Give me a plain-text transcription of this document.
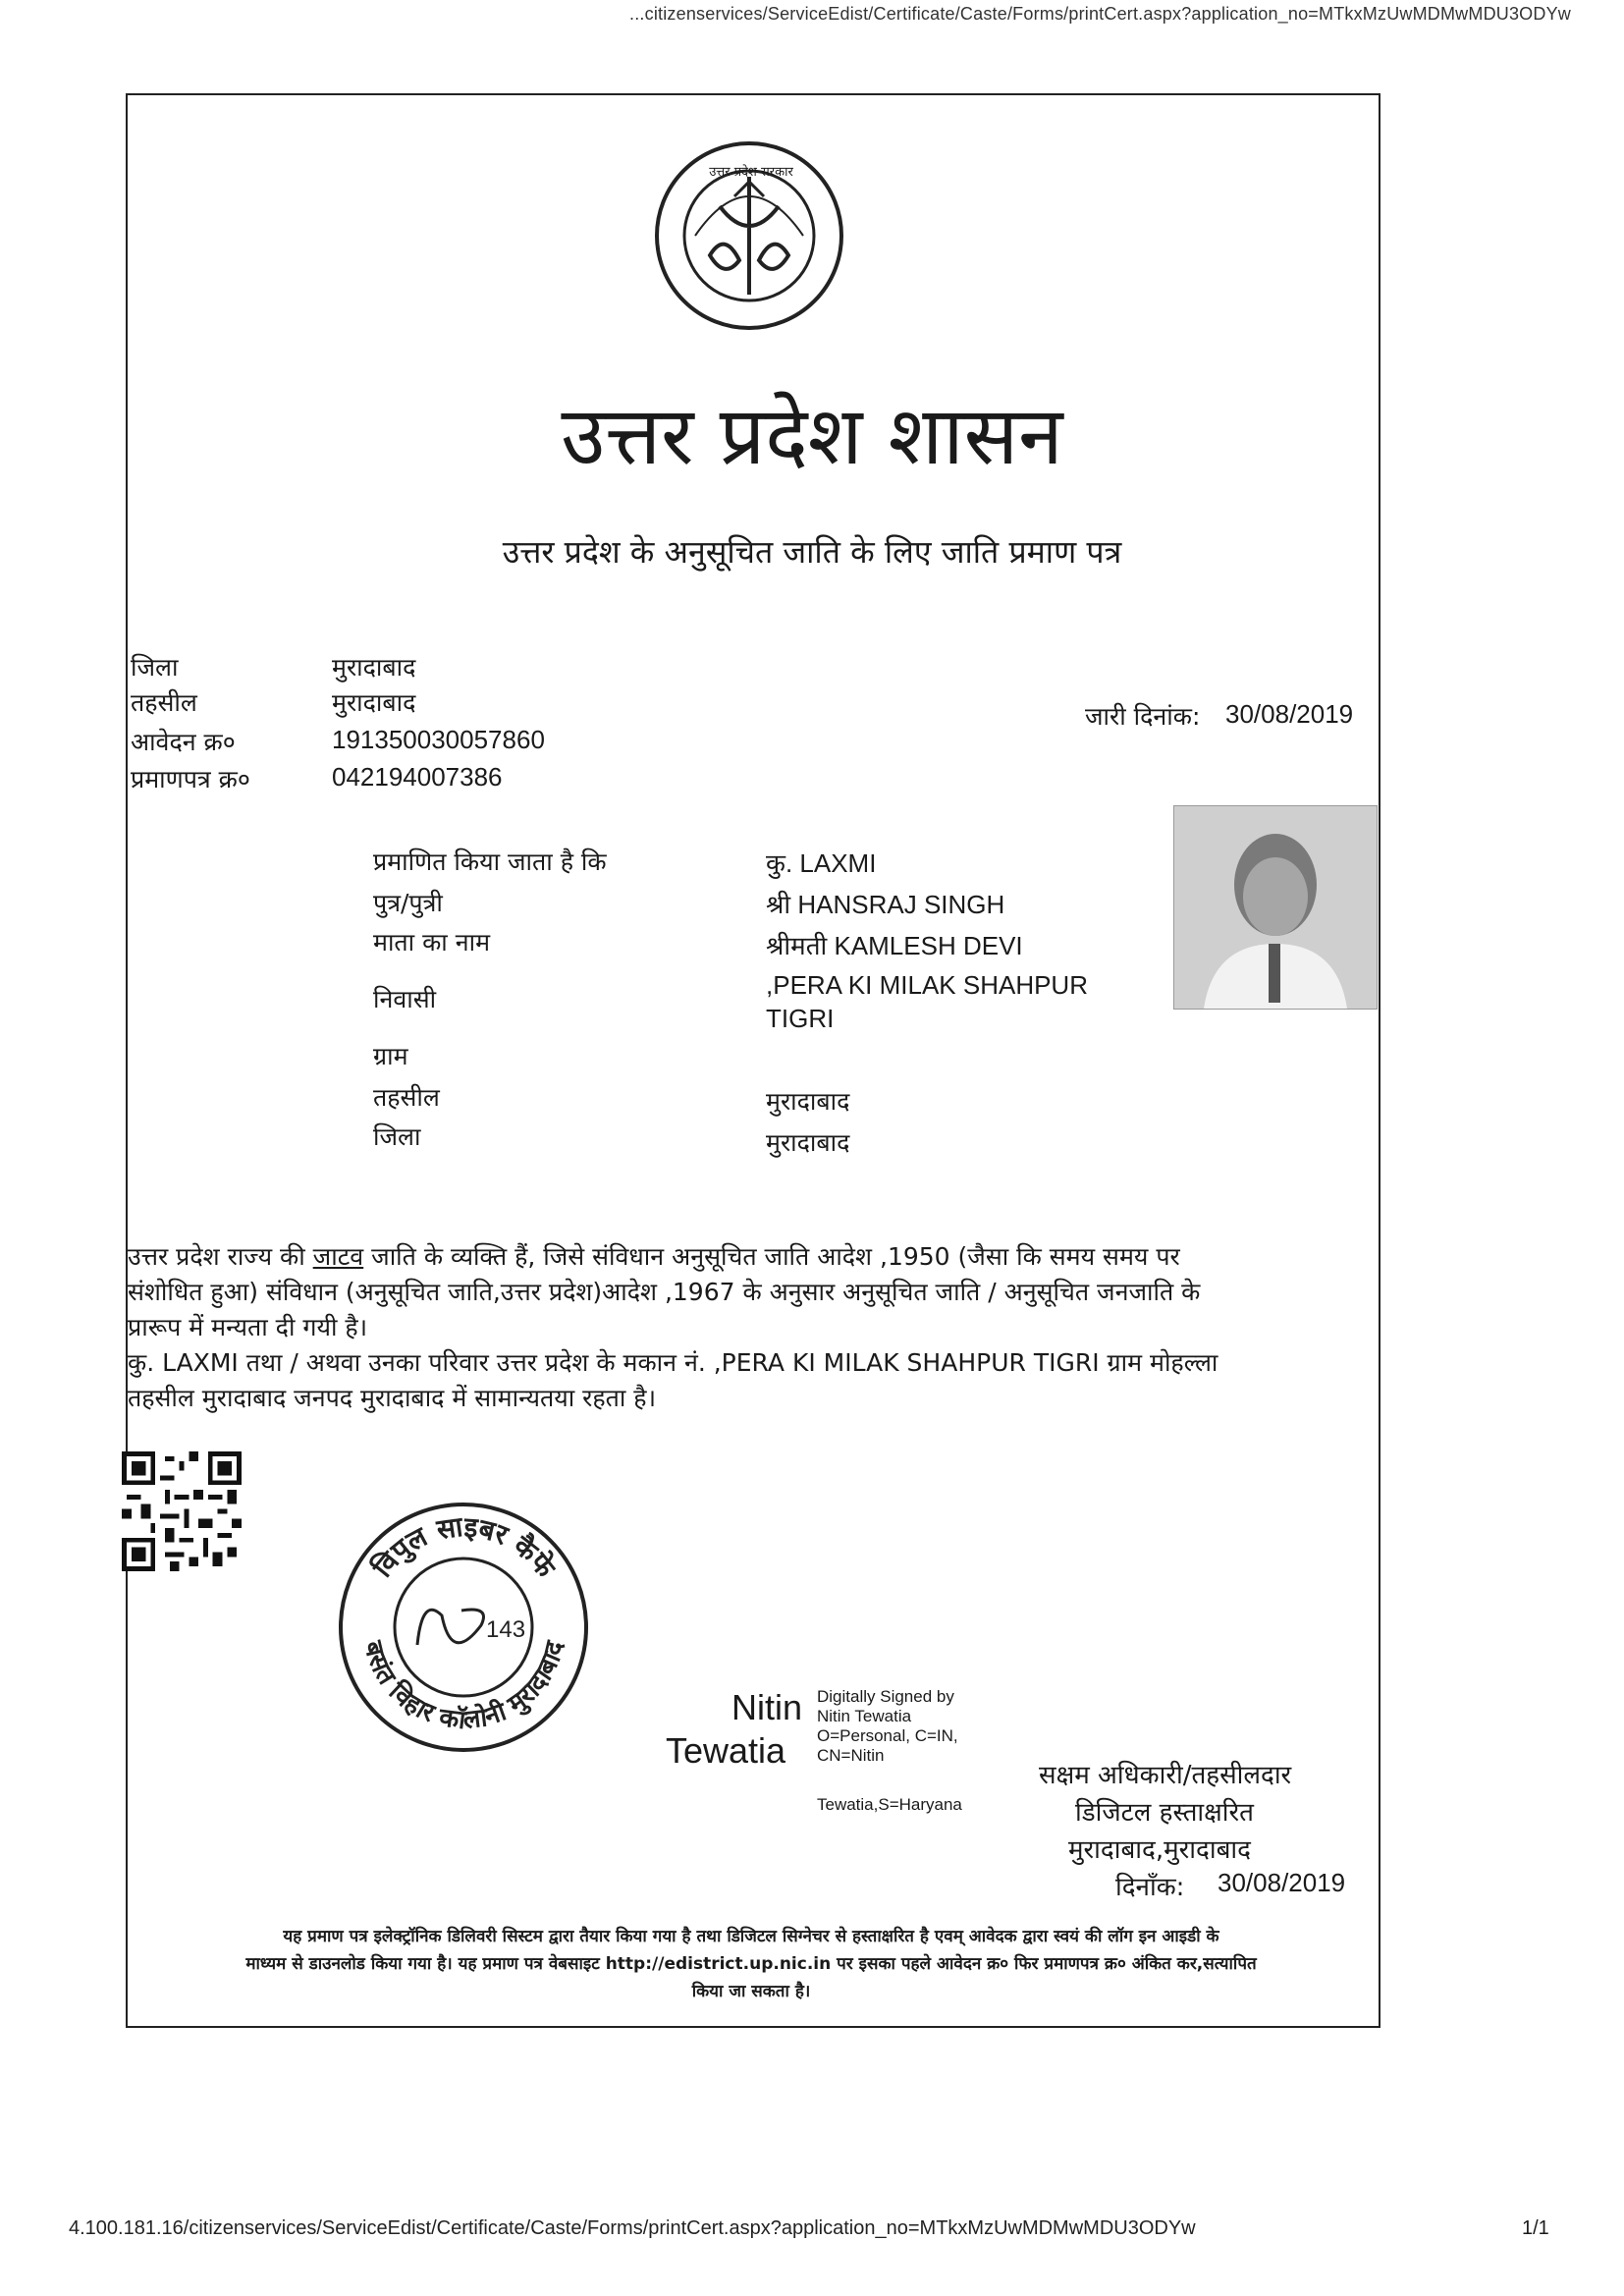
...citizenservices/ServiceEdist/Certificate/Caste/Forms/printCert.aspx?application_no=MTkxMzUwMDMwMDU3ODYw
उत्तर प्रदेश सरकार
उत्तर प्रदेश शासन
उत्तर प्रदेश के अनुसूचित जाति के लिए जाति प्रमाण पत्र
जिला	मुरादाबाद
तहसील	मुरादाबाद
आवेदन क्र०	191350030057860
प्रमाणपत्र क्र०	042194007386
जारी दिनांक: 30/08/2019
प्रमाणित किया जाता है कि	कु. LAXMI
पुत्र/पुत्री	श्री HANSRAJ SINGH
माता का नाम	श्रीमती KAMLESH DEVI
निवासी	,PERA KI MILAK SHAHPUR
TIGRI
ग्राम
तहसील	मुरादाबाद
जिला	मुरादाबाद
उत्तर प्रदेश राज्य की जाटव जाति के व्यक्ति हैं, जिसे संविधान अनुसूचित जाति आदेश ,1950 (जैसा कि समय समय पर
संशोधित हुआ) संविधान (अनुसूचित जाति,उत्तर प्रदेश)आदेश ,1967 के अनुसार अनुसूचित जाति / अनुसूचित जनजाति के
प्रारूप में मन्यता दी गयी है।
कु. LAXMI तथा / अथवा उनका परिवार उत्तर प्रदेश के मकान नं. ,PERA KI MILAK SHAHPUR TIGRI ग्राम मोहल्ला
तहसील मुरादाबाद जनपद मुरादाबाद में सामान्यतया रहता है।
विपुल साइबर कैफे
बसंत विहार कॉलोनी मुरादाबाद
143
Nitin
Tewatia
Digitally Signed by
Nitin Tewatia
O=Personal, C=IN,
CN=Nitin
Tewatia,S=Haryana
सक्षम अधिकारी/तहसीलदार
डिजिटल हस्ताक्षरित
मुरादाबाद,मुरादाबाद
दिनाँक: 30/08/2019
यह प्रमाण पत्र इलेक्ट्रॉनिक डिलिवरी सिस्टम द्वारा तैयार किया गया है तथा डिजिटल सिग्नेचर से हस्ताक्षरित है एवम् आवेदक द्वारा स्वयं की लॉग इन आइडी के
माध्यम से डाउनलोड किया गया है। यह प्रमाण पत्र वेबसाइट http://edistrict.up.nic.in पर इसका पहले आवेदन क्र० फिर प्रमाणपत्र क्र० अंकित कर,सत्यापित
किया जा सकता है।
4.100.181.16/citizenservices/ServiceEdist/Certificate/Caste/Forms/printCert.aspx?application_no=MTkxMzUwMDMwMDU3ODYw	1/1
